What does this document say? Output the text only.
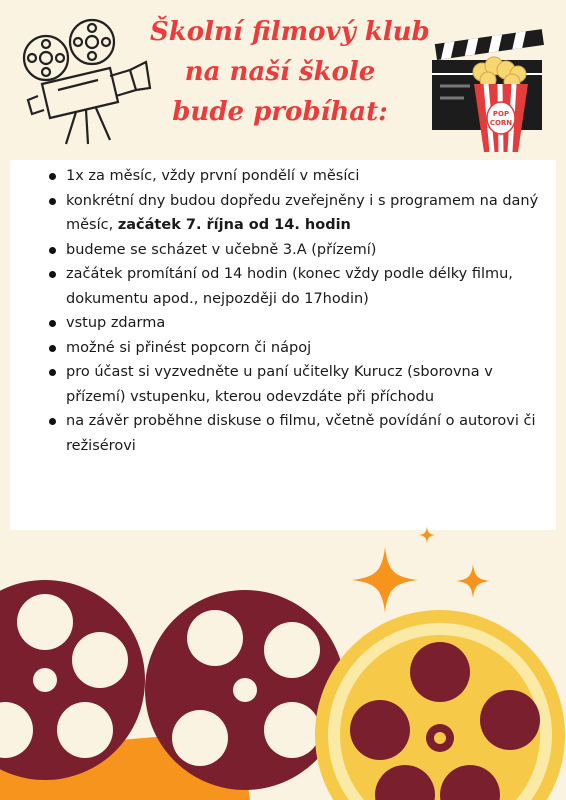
Školní filmový klub
na naší škole
bude probíhat:	POP
CORN
1x za měsíc, vždy první pondělí v měsíci
konkrétní dny budou dopředu zveřejněny i s programem na daný měsíc, začátek 7. října od 14. hodin
budeme se scházet v učebně 3.A (přízemí)
začátek promítání od 14 hodin (konec vždy podle délky filmu, dokumentu apod., nejpozději do 17hodin)
vstup zdarma
možné si přinést popcorn či nápoj
pro účast si vyzvedněte u paní učitelky Kurucz (sborovna v přízemí) vstupenku, kterou odevzdáte při příchodu
na závěr proběhne diskuse o filmu, včetně povídání o autorovi či režisérovi
